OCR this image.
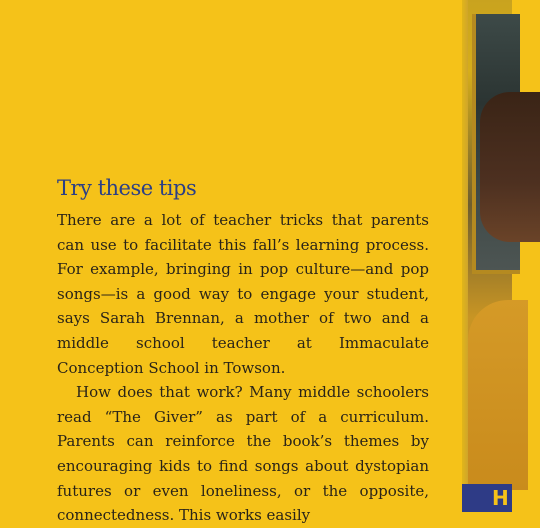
Try these tips

There are a lot of teacher tricks that parents can use to facilitate this fall’s learning process. For example, bringing in pop culture—and pop songs—is a good way to engage your student, says Sarah Brennan, a mother of two and a middle school teacher at Immaculate Conception School in Towson.

How does that work? Many middle schoolers read “The Giver” as part of a curriculum. Parents can reinforce the book’s themes by encouraging kids to find songs about dystopian futures or even loneliness, or the opposite, connectedness. This works easily

H
